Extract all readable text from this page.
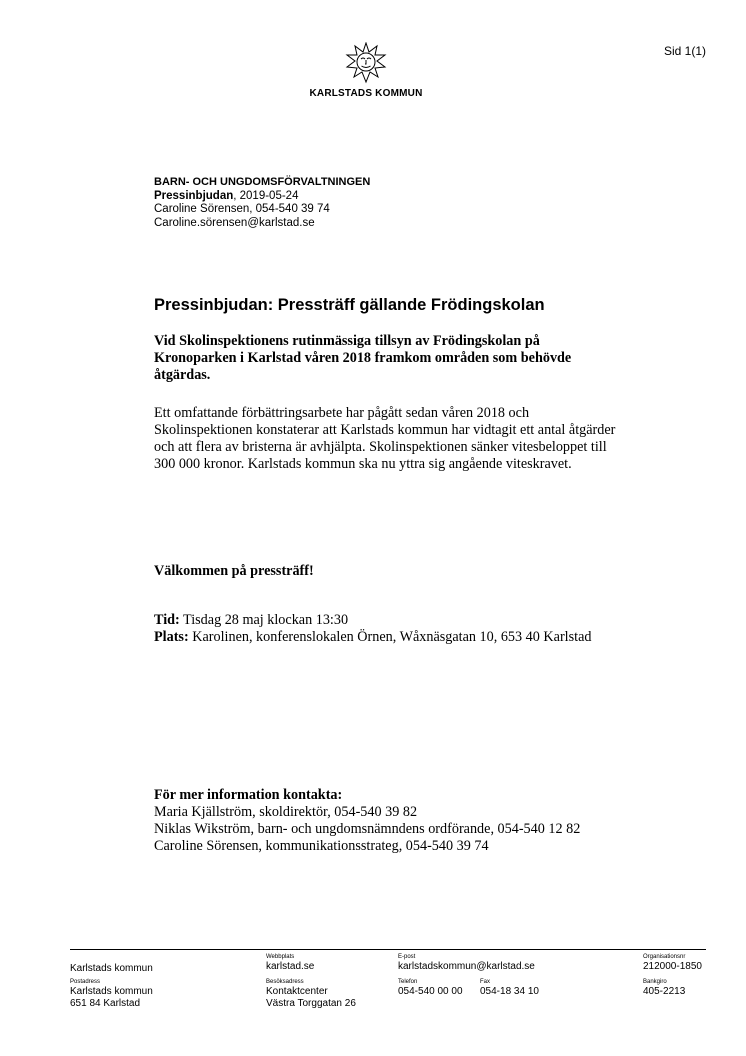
Sid 1(1)
KARLSTADS KOMMUN
BARN- OCH UNGDOMSFÖRVALTNINGEN
Pressinbjudan, 2019-05-24
Caroline Sörensen, 054-540 39 74
Caroline.sörensen@karlstad.se
Pressinbjudan: Pressträff gällande Frödingskolan
Vid Skolinspektionens rutinmässiga tillsyn av Frödingskolan på Kronoparken i Karlstad våren 2018 framkom områden som behövde åtgärdas.
Ett omfattande förbättringsarbete har pågått sedan våren 2018 och Skolinspektionen konstaterar att Karlstads kommun har vidtagit ett antal åtgärder och att flera av bristerna är avhjälpta. Skolinspektionen sänker vitesbeloppet till 300 000 kronor. Karlstads kommun ska nu yttra sig angående viteskravet.
Välkommen på pressträff!
Tid: Tisdag 28 maj klockan 13:30
Plats: Karolinen, konferenslokalen Örnen, Wåxnäsgatan 10, 653 40 Karlstad
För mer information kontakta:
Maria Kjällström, skoldirektör, 054-540 39 82
Niklas Wikström, barn- och ungdomsnämndens ordförande, 054-540 12 82
Caroline Sörensen, kommunikationsstrateg, 054-540 39 74
Karlstads kommun
Webbplats
karlstad.se
E-post
karlstadskommun@karlstad.se
Organisationsnr
212000-1850
Postadress
Karlstads kommun
651 84 Karlstad
Besöksadress
Kontaktcenter
Västra Torggatan 26
Telefon
054-540 00 00
Fax
054-18 34 10
Bankgiro
405-2213
